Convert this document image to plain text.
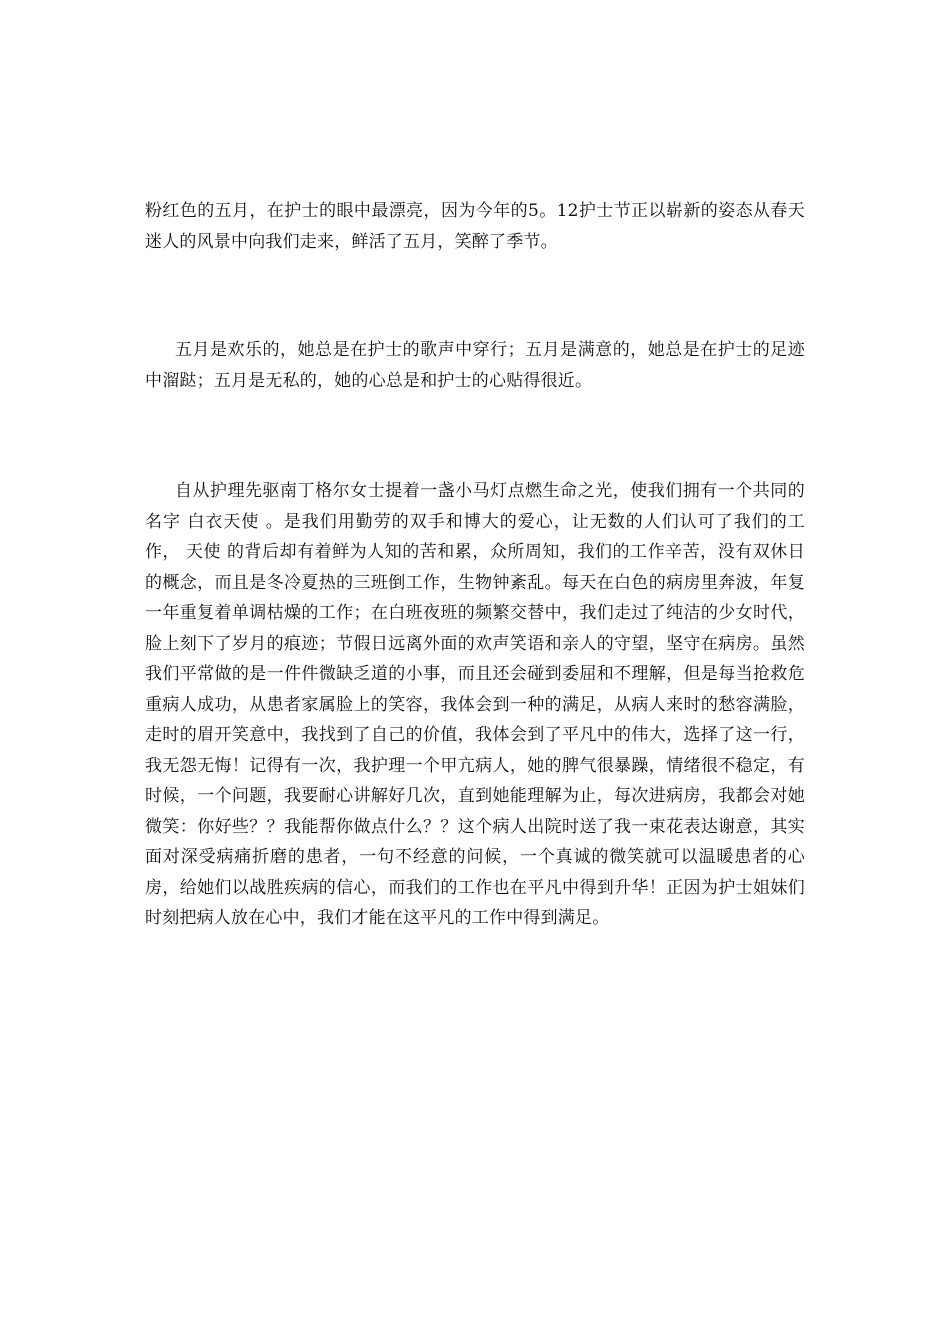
粉红色的五月，在护士的眼中最漂亮，因为今年的5。12护士节正以崭新的姿态从春天迷人的风景中向我们走来，鲜活了五月，笑醉了季节。

五月是欢乐的，她总是在护士的歌声中穿行；五月是满意的，她总是在护士的足迹中溜跶；五月是无私的，她的心总是和护士的心贴得很近。

自从护理先驱南丁格尔女士提着一盏小马灯点燃生命之光，使我们拥有一个共同的名字 白衣天使 。是我们用勤劳的双手和博大的爱心，让无数的人们认可了我们的工作， 天使 的背后却有着鲜为人知的苦和累，众所周知，我们的工作辛苦，没有双休日的概念，而且是冬冷夏热的三班倒工作，生物钟紊乱。每天在白色的病房里奔波，年复一年重复着单调枯燥的工作；在白班夜班的频繁交替中，我们走过了纯洁的少女时代，脸上刻下了岁月的痕迹；节假日远离外面的欢声笑语和亲人的守望，坚守在病房。虽然我们平常做的是一件件微缺乏道的小事，而且还会碰到委屈和不理解，但是每当抢救危重病人成功，从患者家属脸上的笑容，我体会到一种的满足，从病人来时的愁容满脸，走时的眉开笑意中，我找到了自己的价值，我体会到了平凡中的伟大，选择了这一行，我无怨无悔！记得有一次，我护理一个甲亢病人，她的脾气很暴躁，情绪很不稳定，有时候，一个问题，我要耐心讲解好几次，直到她能理解为止，每次进病房，我都会对她微笑：你好些？？我能帮你做点什么？？这个病人出院时送了我一束花表达谢意，其实面对深受病痛折磨的患者，一句不经意的问候，一个真诚的微笑就可以温暖患者的心房，给她们以战胜疾病的信心，而我们的工作也在平凡中得到升华！正因为护士姐妹们时刻把病人放在心中，我们才能在这平凡的工作中得到满足。
